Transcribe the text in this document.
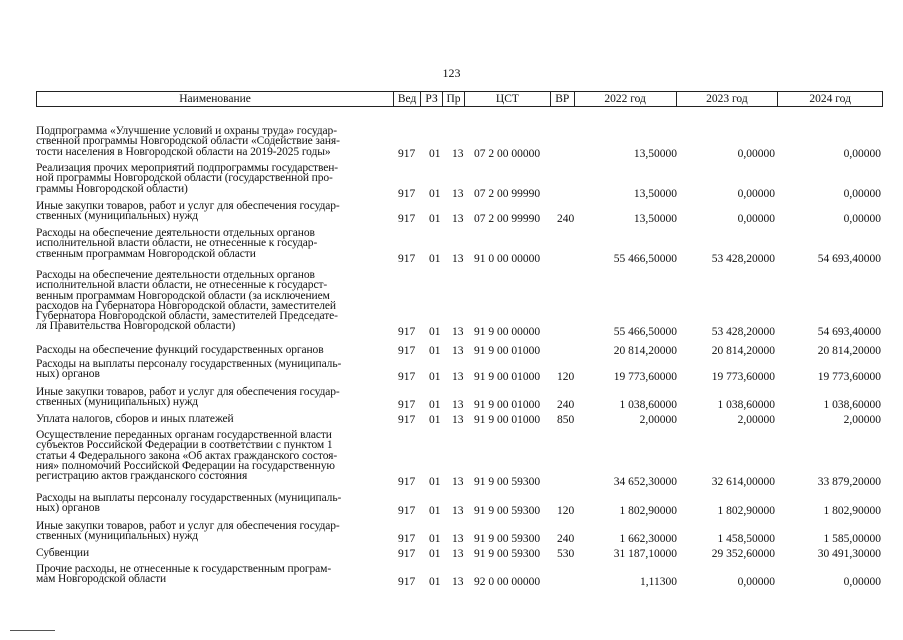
123
Наименование	Вед РЗ Пр	ЦСТ	ВР	2022 год	2023 год	2024 год
Подпрограмма «Улучшение условий и охраны труда» государ-
ственной программы Новгородской области «Содействие заня-
тости населения в Новгородской области на 2019-2025 годы»	917 01 13 07 2 00 00000	13,50000	0,00000	0,00000
Реализация прочих мероприятий подпрограммы государствен-
ной программы Новгородской области (государственной про-
граммы Новгородской области)	917 01 13 07 2 00 99990	13,50000	0,00000	0,00000
Иные закупки товаров, работ и услуг для обеспечения государ-
ственных (муниципальных) нужд	917 01 13 07 2 00 99990 240	13,50000	0,00000	0,00000
Расходы на обеспечение деятельности отдельных органов
исполнительной власти области, не отнесенные к государ-
ственным программам Новгородской области	917 01 13 91 0 00 00000	55 466,50000	53 428,20000	54 693,40000
Расходы на обеспечение деятельности отдельных органов
исполнительной власти области, не отнесенные к государст-
венным программам Новгородской области (за исключением
расходов на Губернатора Новгородской области, заместителей
Губернатора Новгородской области, заместителей Председате-
ля Правительства Новгородской области)	917 01 13 91 9 00 00000	55 466,50000	53 428,20000	54 693,40000
Расходы на обеспечение функций государственных органов	917 01 13 91 9 00 01000	20 814,20000	20 814,20000	20 814,20000
Расходы на выплаты персоналу государственных (муниципаль-
ных) органов	917 01 13 91 9 00 01000 120	19 773,60000	19 773,60000	19 773,60000
Иные закупки товаров, работ и услуг для обеспечения государ-
ственных (муниципальных) нужд	917 01 13 91 9 00 01000 240	1 038,60000	1 038,60000	1 038,60000
Уплата налогов, сборов и иных платежей	917 01 13 91 9 00 01000 850	2,00000	2,00000	2,00000
Осуществление переданных органам государственной власти
субъектов Российской Федерации в соответствии с пунктом 1
статьи 4 Федерального закона «Об актах гражданского состоя-
ния» полномочий Российской Федерации на государственную
регистрацию актов гражданского состояния	917 01 13 91 9 00 59300	34 652,30000	32 614,00000	33 879,20000
Расходы на выплаты персоналу государственных (муниципаль-
ных) органов	917 01 13 91 9 00 59300 120	1 802,90000	1 802,90000	1 802,90000
Иные закупки товаров, работ и услуг для обеспечения государ-
ственных (муниципальных) нужд	917 01 13 91 9 00 59300 240	1 662,30000	1 458,50000	1 585,00000
Субвенции	917 01 13 91 9 00 59300 530	31 187,10000	29 352,60000	30 491,30000
Прочие расходы, не отнесенные к государственным програм-
мам Новгородской области	917 01 13 92 0 00 00000	1,11300	0,00000	0,00000
